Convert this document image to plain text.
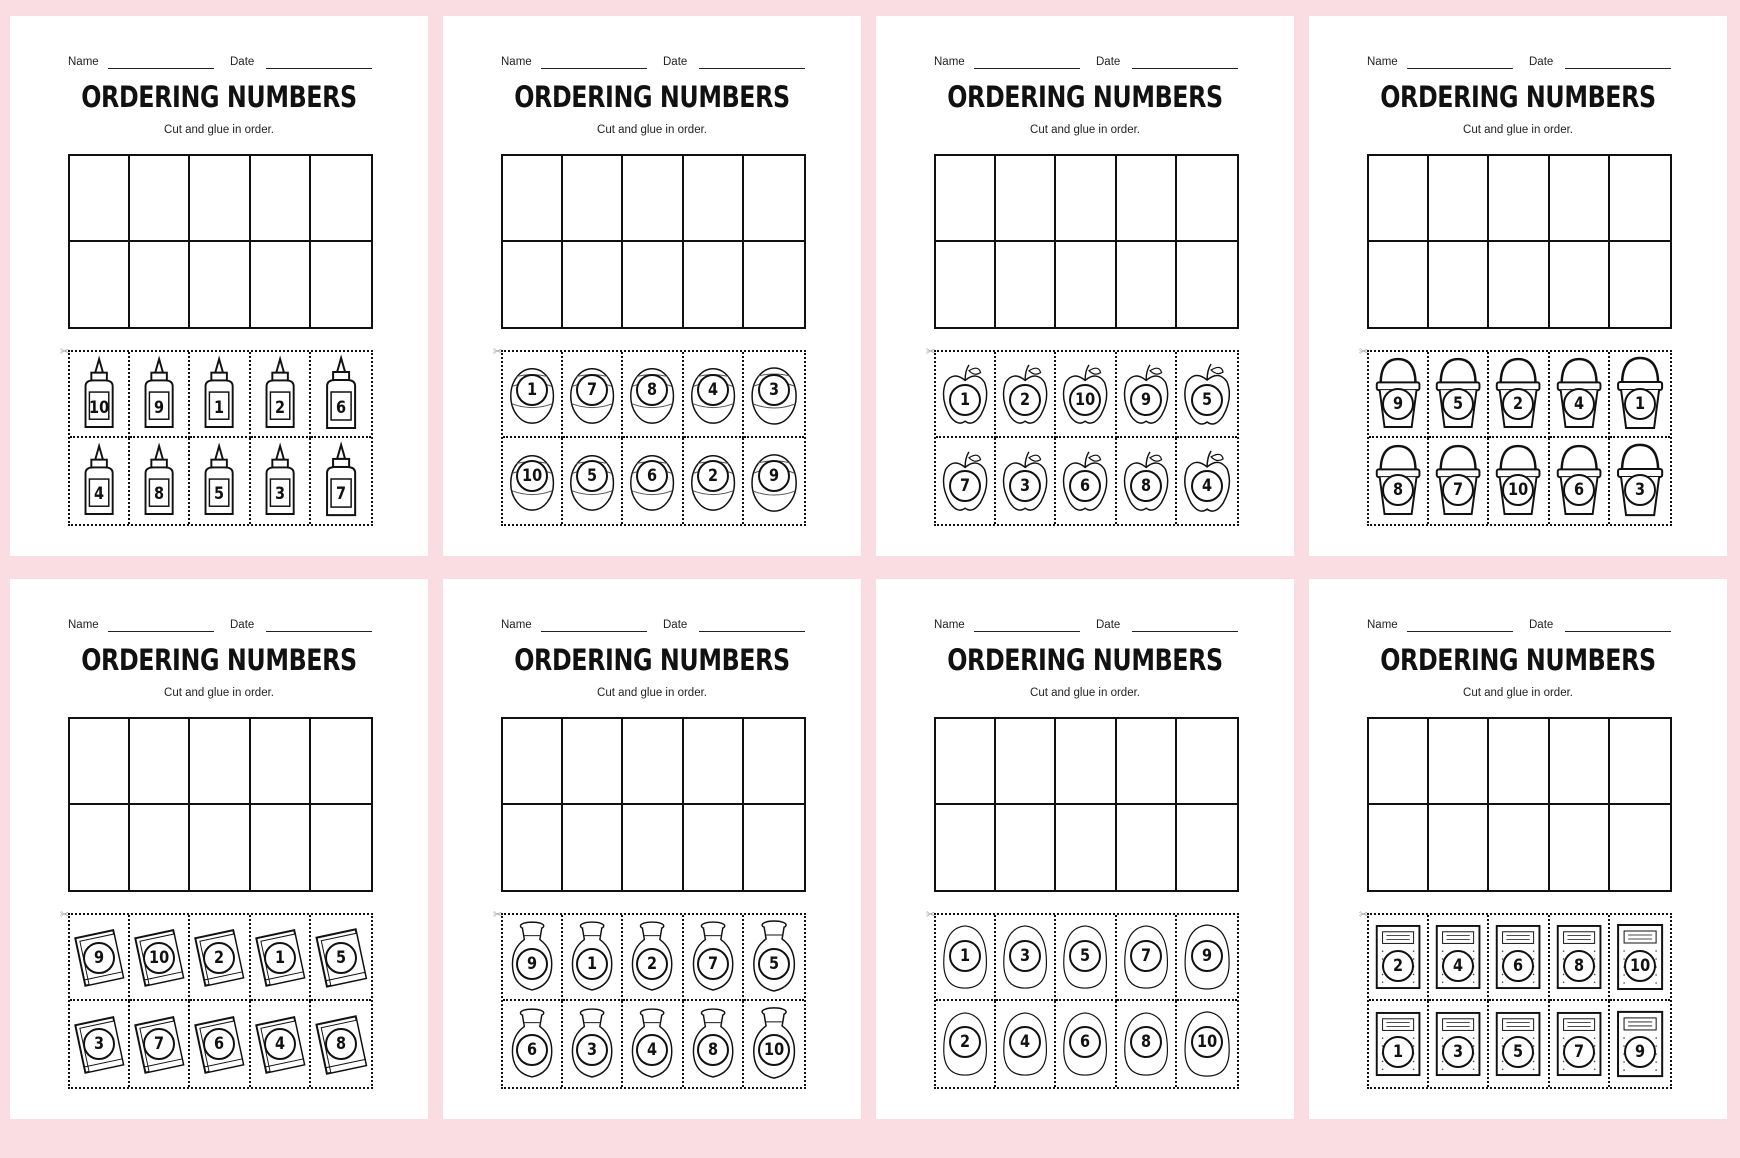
Name	Date
ORDERING NUMBERS
Cut and glue in order.
✂
10	9	1	2	6
4	8	5	3	7
Name	Date
ORDERING NUMBERS
Cut and glue in order.
✂
1	7	8	4	3
10	5	6	2	9
Name	Date
ORDERING NUMBERS
Cut and glue in order.
✂
1	2	10	9	5
7	3	6	8	4
Name	Date
ORDERING NUMBERS
Cut and glue in order.
✂
9	5	2	4	1
8	7	10	6	3
Name	Date
ORDERING NUMBERS
Cut and glue in order.
✂
9	10	2	1	5
3	7	6	4	8
Name	Date
ORDERING NUMBERS
Cut and glue in order.
✂
9	1	2	7	5
6	3	4	8	10
Name	Date
ORDERING NUMBERS
Cut and glue in order.
✂
1	3	5	7	9
2	4	6	8	10
Name	Date
ORDERING NUMBERS
Cut and glue in order.
✂
2	4	6	8	10
1	3	5	7	9
